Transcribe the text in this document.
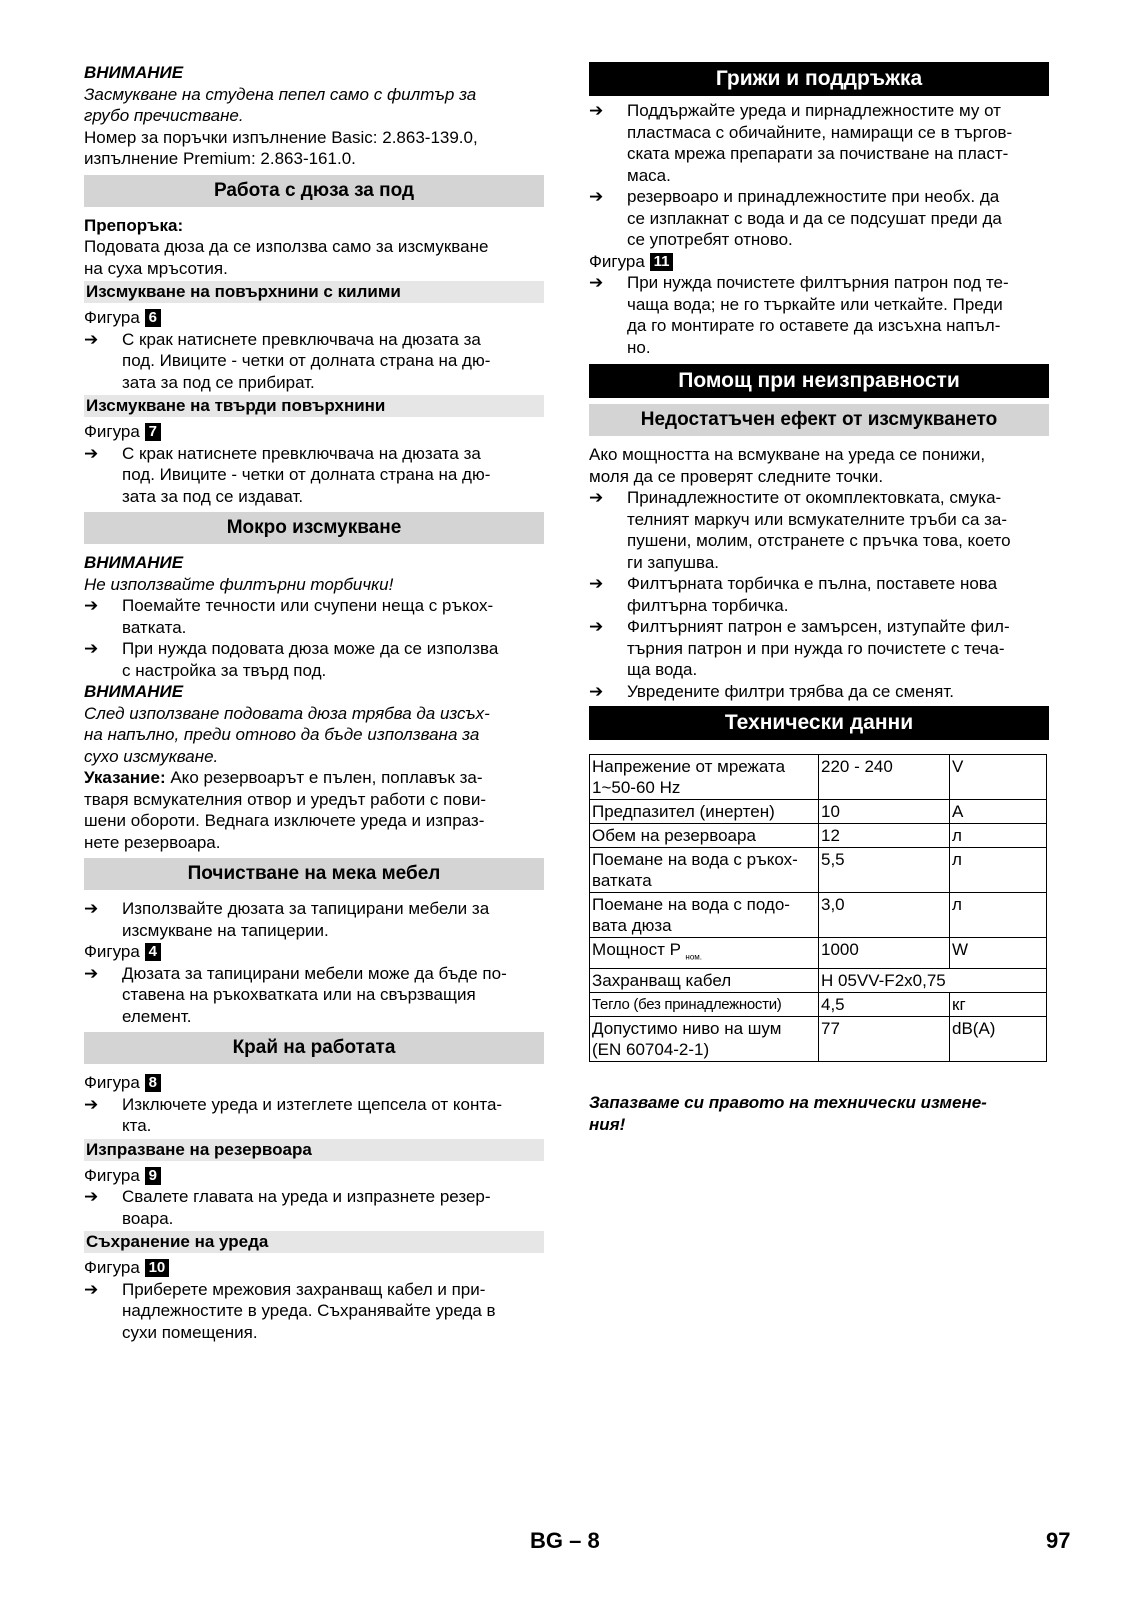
ВНИМАНИЕ

Засмукване на студена пепел само с филтър за

грубо пречистване.

Номер за поръчки изпълнение Basic: 2.863-139.0,

изпълнение Premium: 2.863-161.0.

Работа с дюза за под

Препоръка:

Подовата дюза да се използва само за изсмукване

на суха мръсотия.

Изсмукване на повърхнини с килими

Фигура 6

➔ С крак натиснете превключвача на дюзата за

под. Ивиците - четки от долната страна на дю-

зата за под се прибират.

Изсмукване на твърди повърхнини

Фигура 7

➔ С крак натиснете превключвача на дюзата за

под. Ивиците - четки от долната страна на дю-

зата за под се издават.

Мокро изсмукване

ВНИМАНИЕ

Не използвайте филтърни торбички!

➔ Поемайте течности или счупени неща с ръкох-

ватката.

➔ При нужда подовата дюза може да се използва

с настройка за твърд под.

ВНИМАНИЕ

След използване подовата дюза трябва да изсъх-

на напълно, преди отново да бъде използвана за

сухо изсмукване.

Указание: Ако резервоарът е пълен, поплавък за-

тваря всмукателния отвор и уредът работи с пови-

шени обороти. Веднага изключете уреда и изпраз-

нете резервоара.

Почистване на мека мебел
➔ Използвайте дюзата за тапицирани мебели за

изсмукване на тапицерии.

Фигура 4

➔ Дюзата за тапицирани мебели може да бъде по-

ставена на ръкохватката или на свързващия

елемент.

Край на работата

Фигура 8

➔ Изключете уреда и изтеглете щепсела от конта-

кта.

Изпразване на резервоара

Фигура 9

➔ Свалете главата на уреда и изпразнете резер-

воара.

Съхранение на уреда

Фигура 10

➔ Приберете мрежовия захранващ кабел и при-

надлежностите в уреда. Съхранявайте уреда в

сухи помещения.

Грижи и поддръжка
➔ Поддържайте уреда и пирнадлежностите му от

пластмаса с обичайните, намиращи се в търгов-

ската мрежа препарати за почистване на пласт-

маса.

➔ резервоаро и принадлежностите при необх. да

се изплакнат с вода и да се подсушат преди да

се употребят отново.

Фигура 11

➔ При нужда почистете филтърния патрон под те-

чаща вода; не го търкайте или четкайте. Преди

да го монтирате го оставете да изсъхна напъл-

но.

Помощ при неизправности
Недостатъчен ефект от изсмукването

Ако мощността на всмукване на уреда се понижи,

моля да се проверят следните точки.

➔ Принадлежностите от окомплектовката, смука-

телният маркуч или всмукателните тръби са за-

пушени, молим, отстранете с пръчка това, което

ги запушва.

➔ Филтърната торбичка е пълна, поставете нова

филтърна торбичка.

➔ Филтърният патрон е замърсен, изтупайте фил-

търния патрон и при нужда го почистете с теча-

ща вода.

➔ Увредените филтри трябва да се сменят.

Технически данни
Напрежение от мрежата
1~50-60 Hz	220 - 240	V
Предпазител (инертен)	10	A
Обем на резервоара	12	л
Поемане на вода с ръкох-
ватката	5,5	л
Поемане на вода с подо-
вата дюза	3,0	л
Мощност P $_{ном.}$	1000	W
Захранващ кабел	H 05VV-F2x0,75	
Тегло (без принадлежности)	4,5	кг
Допустимо ниво на шум
(EN 60704-2-1)	77	dB(A)

Запазваме си правото на технически измене-

ния!

BG – 8	97
